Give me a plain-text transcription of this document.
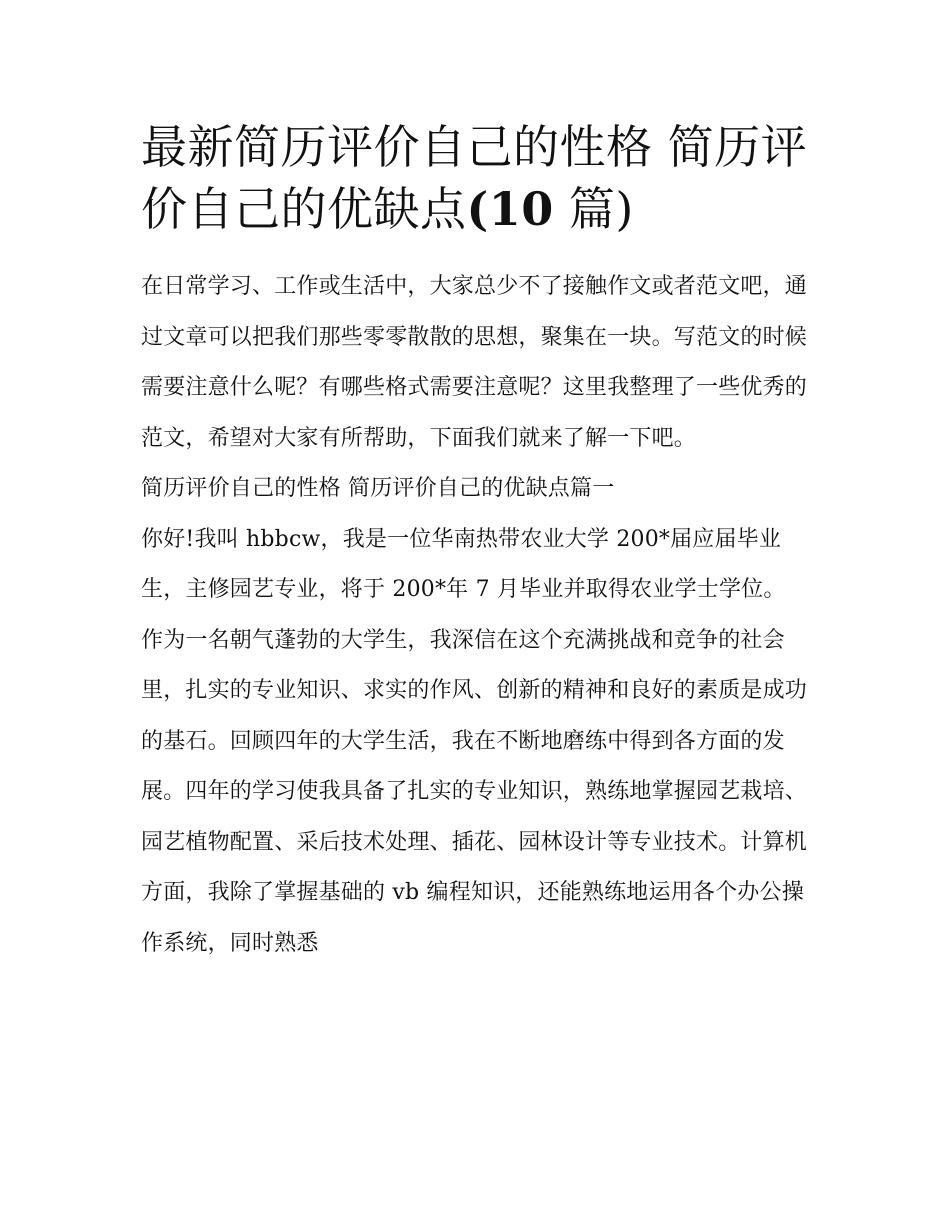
最新简历评价自己的性格 简历评价自己的优缺点(10 篇)

在日常学习、工作或生活中，大家总少不了接触作文或者范文吧，通过文章可以把我们那些零零散散的思想，聚集在一块。写范文的时候需要注意什么呢？有哪些格式需要注意呢？这里我整理了一些优秀的范文，希望对大家有所帮助，下面我们就来了解一下吧。

简历评价自己的性格 简历评价自己的优缺点篇一

你好!我叫 hbbcw，我是一位华南热带农业大学 200*届应届毕业生，主修园艺专业，将于 200*年 7 月毕业并取得农业学士学位。

作为一名朝气蓬勃的大学生，我深信在这个充满挑战和竞争的社会里，扎实的专业知识、求实的作风、创新的精神和良好的素质是成功的基石。回顾四年的大学生活，我在不断地磨练中得到各方面的发展。四年的学习使我具备了扎实的专业知识，熟练地掌握园艺栽培、园艺植物配置、采后技术处理、插花、园林设计等专业技术。计算机方面，我除了掌握基础的 vb 编程知识，还能熟练地运用各个办公操作系统，同时熟悉
